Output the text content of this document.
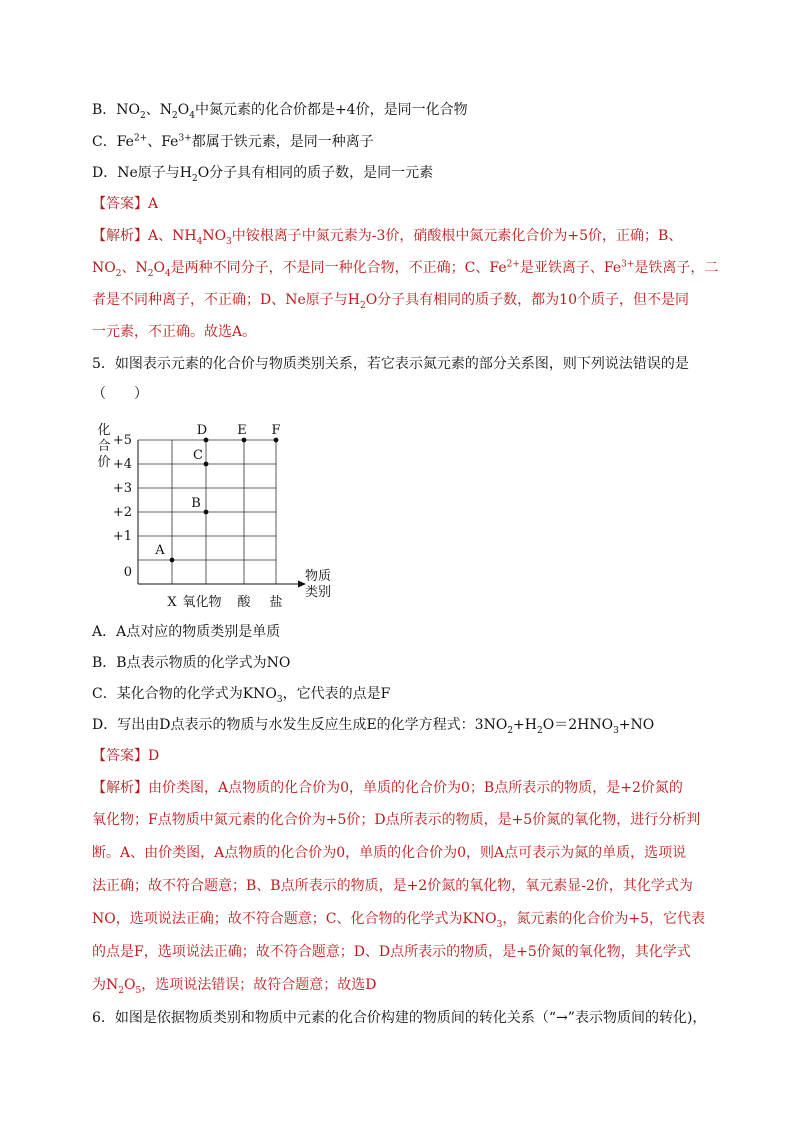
B．$NO_2$、$N_2O_4$中氮元素的化合价都是+4价，是同一化合物
C．$Fe^{2+}$、$Fe^{3+}$都属于铁元素，是同一种离子
D．Ne原子与$H_2O$分子具有相同的质子数，是同一元素
【答案】A
【解析】A、$NH_4NO_3$中铵根离子中氮元素为-3价，硝酸根中氮元素化合价为+5价，正确；B、
$NO_2$、$N_2O_4$是两种不同分子，不是同一种化合物，不正确；C、$Fe^{2+}$是亚铁离子、$Fe^{3+}$是铁离子，二
者是不同种离子，不正确；D、Ne原子与$H_2O$分子具有相同的质子数，都为10个质子，但不是同
一元素，不正确。故选A。
5．如图表示元素的化合价与物质类别关系，若它表示氮元素的部分关系图，则下列说法错误的是
（　　）
+5
+4
+3
+2
+1
0
X 氧化物 酸 盐
A
B
C
D E F
化
合
价
物质
类别
A．A点对应的物质类别是单质
B．B点表示物质的化学式为NO
C．某化合物的化学式为$KNO_3$，它代表的点是F
D．写出由D点表示的物质与水发生反应生成E的化学方程式：$3NO_2+H_2O=2HNO_3+NO$
【答案】D
【解析】由价类图，A点物质的化合价为0，单质的化合价为0；B点所表示的物质，是+2价氮的
氧化物；F点物质中氮元素的化合价为+5价；D点所表示的物质，是+5价氮的氧化物，进行分析判
断。A、由价类图，A点物质的化合价为0，单质的化合价为0，则A点可表示为氮的单质，选项说
法正确；故不符合题意；B、B点所表示的物质，是+2价氮的氧化物，氧元素显-2价，其化学式为
NO，选项说法正确；故不符合题意；C、化合物的化学式为$KNO_3$，氮元素的化合价为+5，它代表
的点是F，选项说法正确；故不符合题意；D、D点所表示的物质，是+5价氮的氧化物，其化学式
为$N_2O_5$，选项说法错误；故符合题意；故选D
6．如图是依据物质类别和物质中元素的化合价构建的物质间的转化关系（“→”表示物质间的转化)，
